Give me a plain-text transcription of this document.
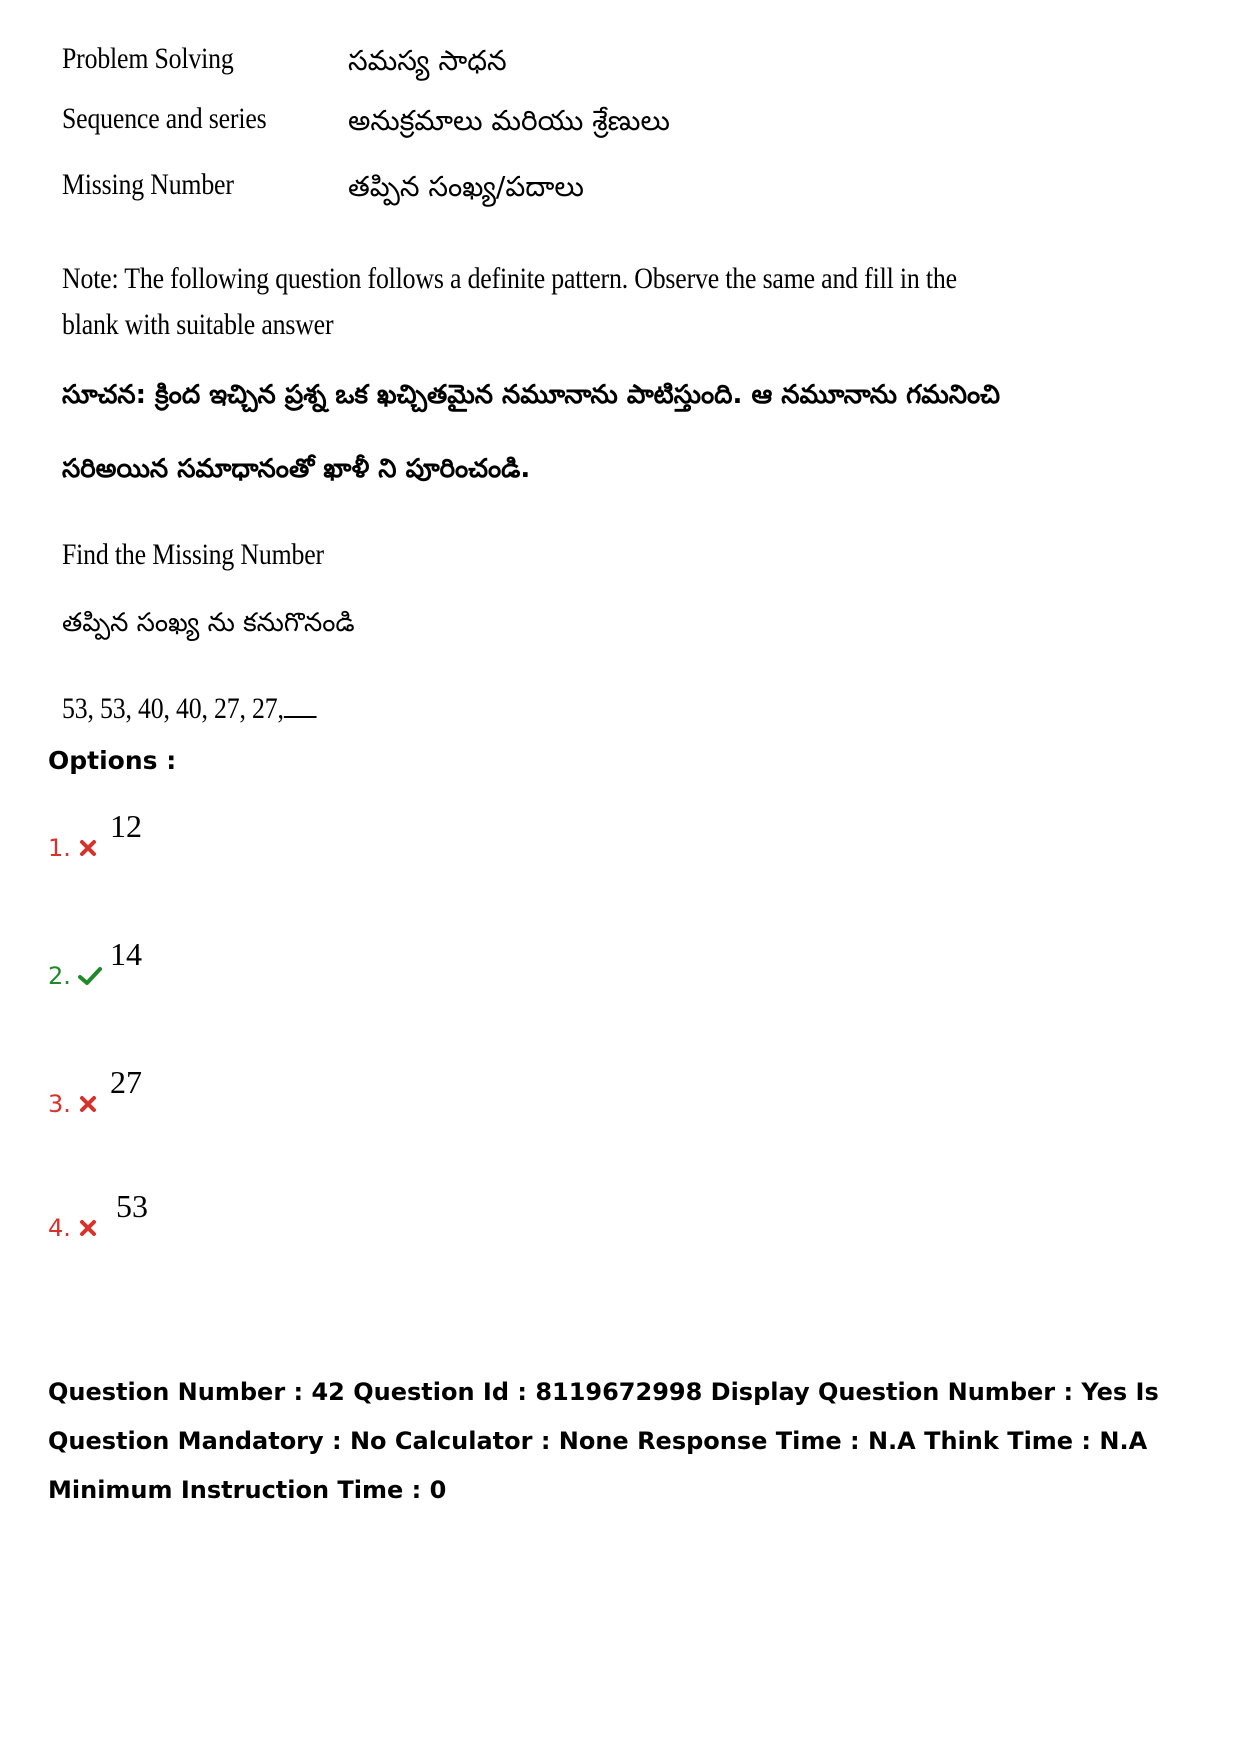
Problem Solving	సమస్య సాధన
Sequence and series	అనుక్రమాలు మరియు శ్రేణులు
Missing Number	తప్పిన సంఖ్య/పదాలు
Note: The following question follows a definite pattern. Observe the same and fill in the
blank with suitable answer
సూచన: క్రింద ఇచ్చిన ప్రశ్న ఒక ఖచ్చితమైన నమూనాను పాటిస్తుంది. ఆ నమూనాను గమనించి
సరిఅయిన సమాధానంతో ఖాళీ ని పూరించండి.
Find the Missing Number
తప్పిన సంఖ్య ను కనుగొనండి
53, 53, 40, 40, 27, 27,
Options :
1.
12
2.
14
3.
27
4.
53
Question Number : 42 Question Id : 8119672998 Display Question Number : Yes Is Question Mandatory : No Calculator : None Response Time : N.A Think Time : N.A Minimum Instruction Time : 0
